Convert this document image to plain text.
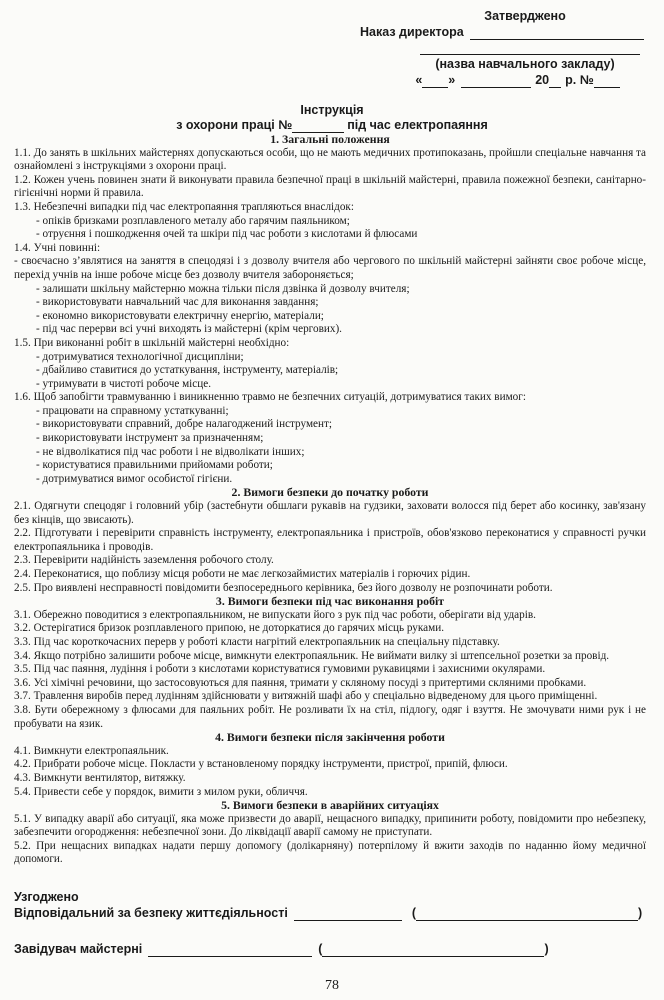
Затверджено
Наказ директора
(назва навчального закладу)
« »	20 р. №
Інструкція
з охорони праці №	під час електропаяння
1. Загальні положення

1.1. До занять в шкільних майстернях допускаються особи, що не мають медичних протипоказань, пройшли спеціальне навчання та ознайомлені з інструкціями з охорони праці.

1.2. Кожен учень повинен знати й виконувати правила безпечної праці в шкільній майстерні, правила пожежної безпеки, санітарно-гігієнічні норми й правила.

1.3. Небезпечні випадки під час електропаяння трапляються внаслідок:

- опіків бризками розплавленого металу або гарячим паяльником;

- отруєння і пошкодження очей та шкіри під час роботи з кислотами й флюсами

1.4. Учні повинні:

- своєчасно з’являтися на заняття в спецодязі і з дозволу вчителя або чергового по шкільній майстерні зайняти своє робоче місце, перехід учнів на інше робоче місце без дозволу вчителя забороняється;

- залишати шкільну майстерню можна тільки після дзвінка й дозволу вчителя;

- використовувати навчальний час для виконання завдання;

- економно використовувати електричну енергію, матеріали;

- під час перерви всі учні виходять із майстерні (крім чергових).

1.5. При виконанні робіт в шкільній майстерні необхідно:

- дотримуватися технологічної дисципліни;

- дбайливо ставитися до устаткування, інструменту, матеріалів;

- утримувати в чистоті робоче місце.

1.6. Щоб запобігти травмуванню і виникненню травмо не безпечних ситуацій, дотримуватися таких вимог:

- працювати на справному устаткуванні;

- використовувати справний, добре налагоджений інструмент;

- використовувати інструмент за призначенням;

- не відволікатися під час роботи і не відволікати інших;

- користуватися правильними прийомами роботи;

- дотримуватися вимог особистої гігієни.

2. Вимоги безпеки до початку роботи

2.1. Одягнути спецодяг і головний убір (застебнути обшлаги рукавів на гудзики, заховати волосся під берет або косинку, зав'язану без кінців, що звисають).

2.2. Підготувати і перевірити справність інструменту, електропаяльника і пристроїв, обов'язково переконатися у справності ручки електропаяльника і проводів.

2.3. Перевірити надійність заземлення робочого столу.

2.4. Переконатися, що поблизу місця роботи не має легкозаймистих матеріалів і горючих рідин.

2.5. Про виявлені несправності повідомити безпосереднього керівника, без його дозволу не розпочинати роботи.

3. Вимоги безпеки під час виконання робіт

3.1. Обережно поводитися з електропаяльником, не випускати його з рук під час роботи, оберігати від ударів.

3.2. Остерігатися бризок розплавленого припою, не доторкатися до гарячих місць руками.

3.3. Під час короткочасних перерв у роботі класти нагрітий електропаяльник на спеціальну підставку.

3.4. Якщо потрібно залишити робоче місце, вимкнути електропаяльник. Не виймати вилку зі штепсельної розетки за провід.

3.5. Під час паяння, лудіння і роботи з кислотами користуватися гумовими рукавицями і захисними окулярами.

3.6. Усі хімічні речовини, що застосовуються для паяння, тримати у скляному посуді з притертими скляними пробками.

3.7. Травлення виробів перед лудінням здійснювати у витяжній шафі або у спеціально відведеному для цього приміщенні.

3.8. Бути обережному з флюсами для паяльних робіт. Не розливати їх на стіл, підлогу, одяг і взуття. Не змочувати ними рук і не пробувати на язик.

4. Вимоги безпеки після закінчення роботи

4.1. Вимкнути електропаяльник.

4.2. Прибрати робоче місце. Покласти у встановленому порядку інструменти, пристрої, припій, флюси.

4.3. Вимкнути вентилятор, витяжку.

5.4. Привести себе у порядок, вимити з милом руки, обличчя.

5. Вимоги безпеки в аварійних ситуаціях

5.1. У випадку аварії або ситуації, яка може призвести до аварії, нещасного випадку, припинити роботу, повідомити про небезпеку, забезпечити огородження: небезпечної зони. До ліквідації аварії самому не приступати.

5.2. При нещасних випадках надати першу допомогу (долікарняну) потерпілому й вжити заходів по наданню йому медичної допомоги.

Узгоджено
Відповідальний за безпеку життєдіяльності	(	)
Завідувач майстерні	(	)
78
